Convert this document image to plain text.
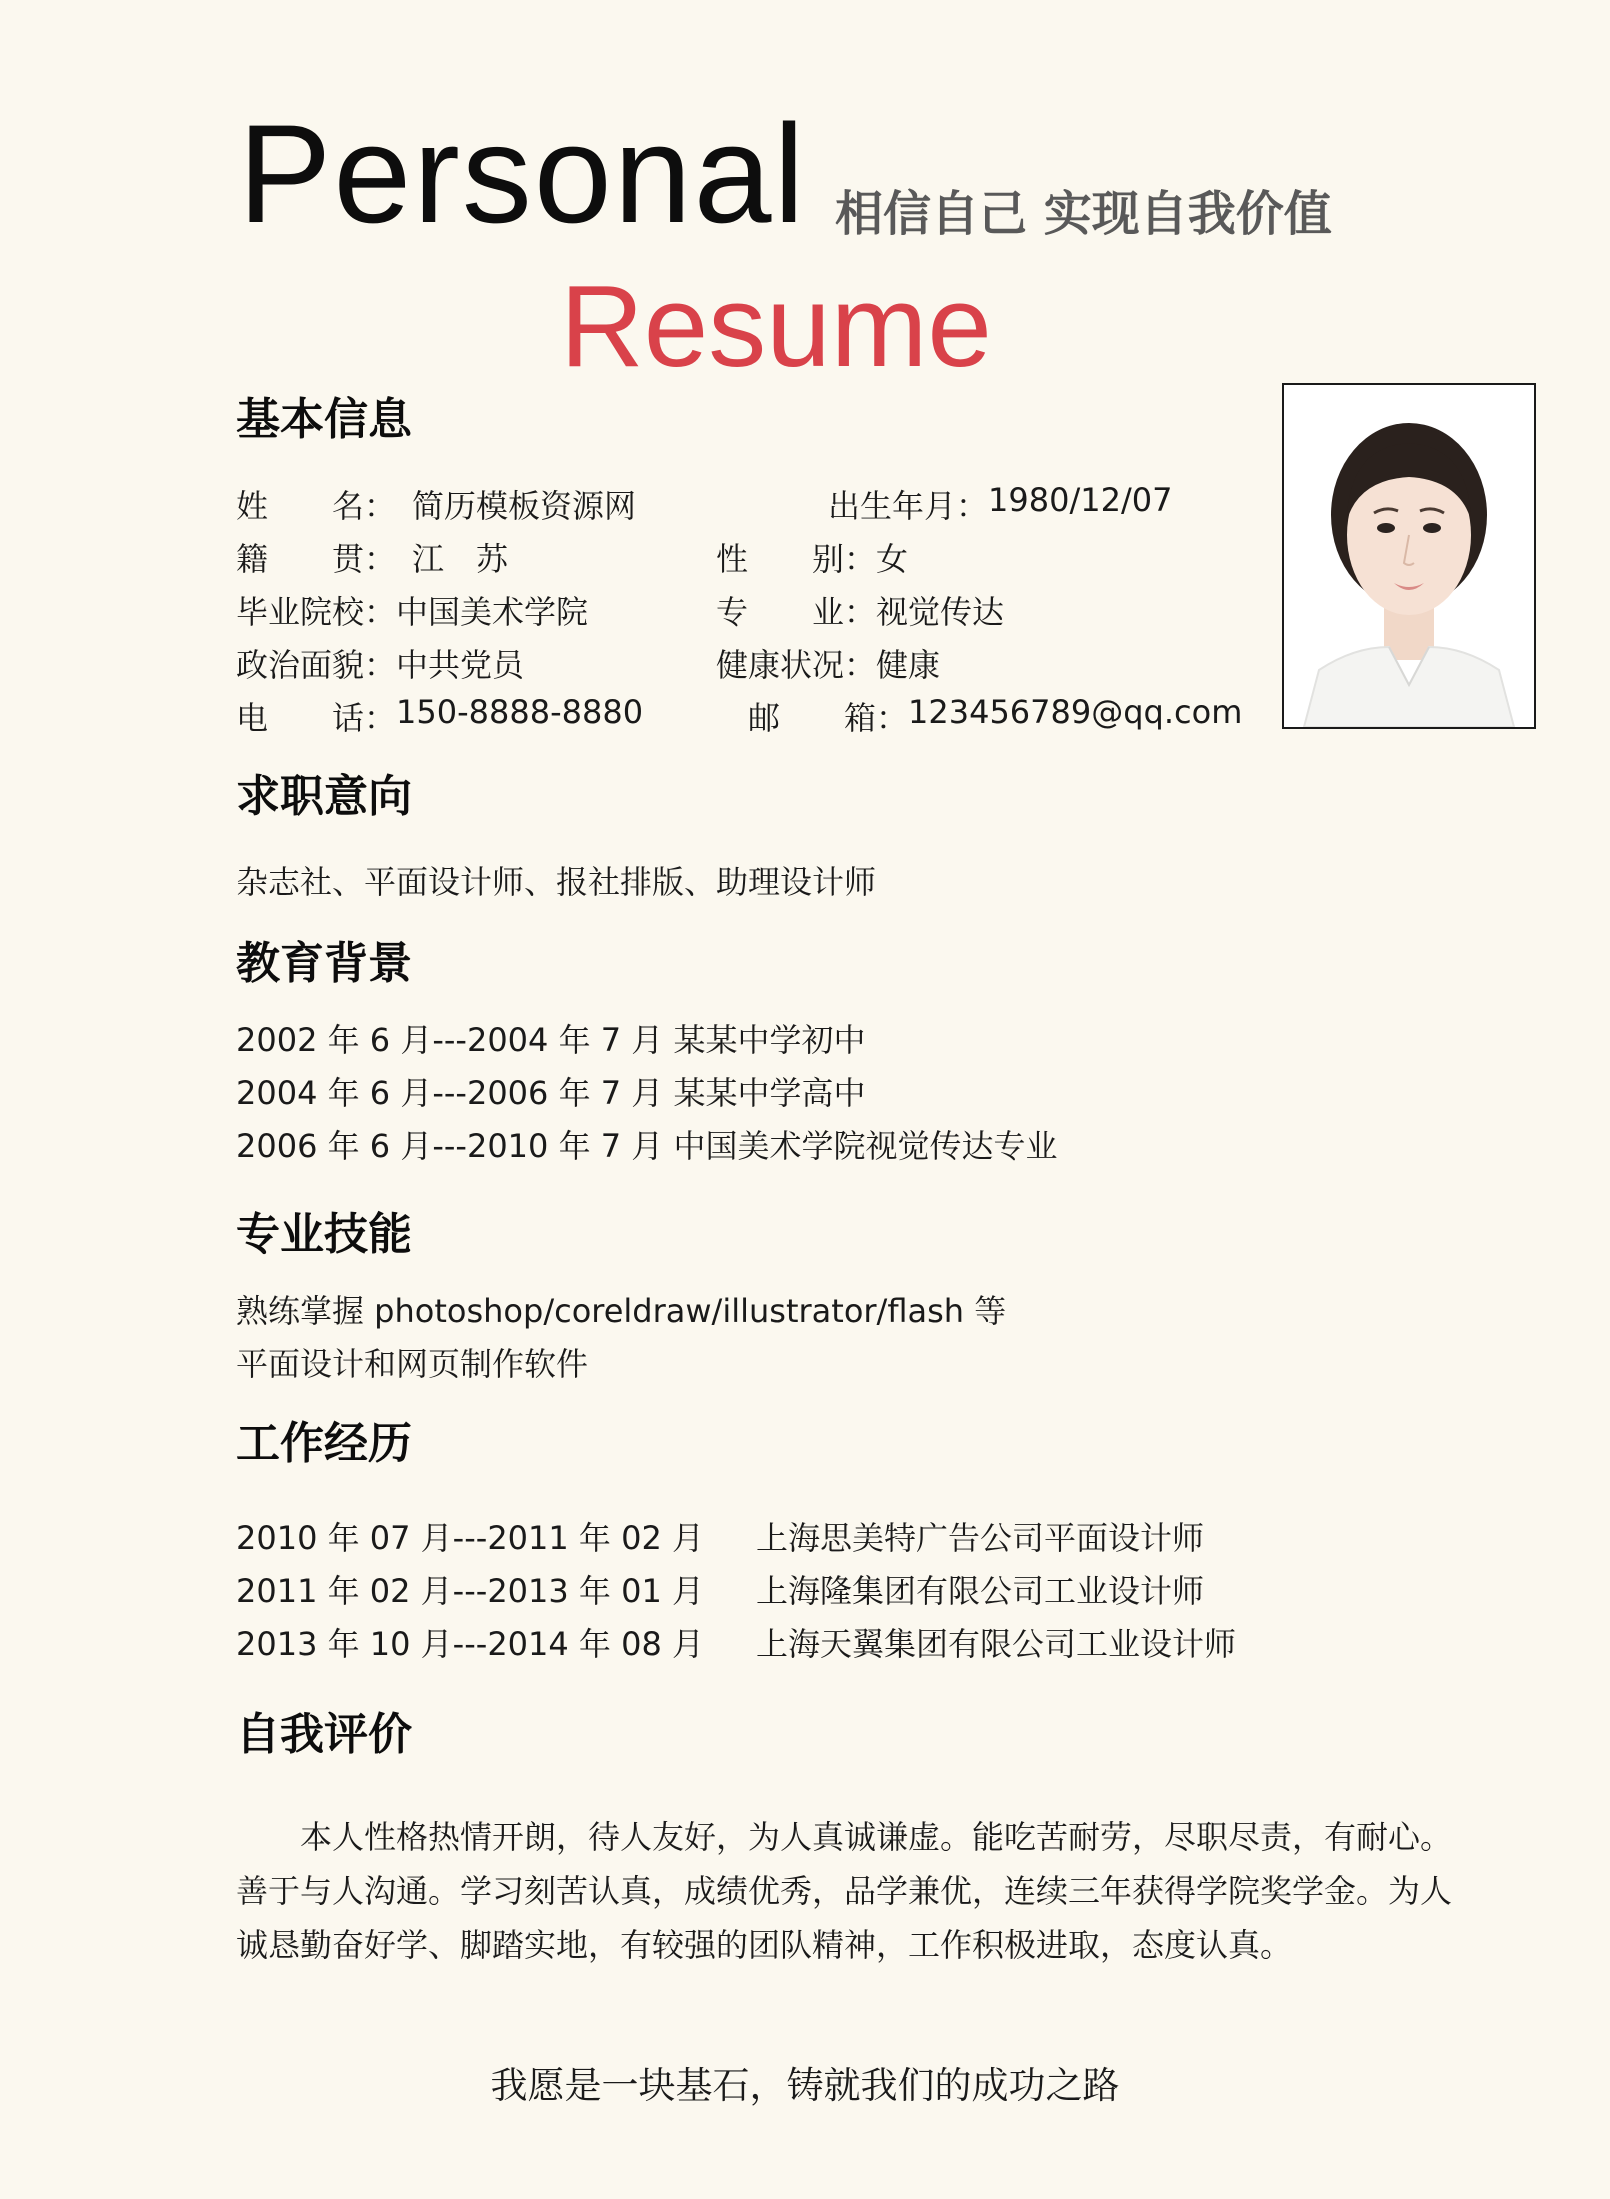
Personal 相信自己 实现自我价值
Resume
基本信息
姓　　名： 简历模板资源网	出生年月： 1980/12/07
籍　　贯： 江　苏	性　　别： 女
毕业院校： 中国美术学院	专　　业： 视觉传达
政治面貌： 中共党员	健康状况： 健康
电　　话： 150-8888-8880	邮　　箱： 123456789@qq.com
求职意向
杂志社、平面设计师、报社排版、助理设计师
教育背景
2002 年 6 月---2004 年 7 月 某某中学初中
2004 年 6 月---2006 年 7 月 某某中学高中
2006 年 6 月---2010 年 7 月 中国美术学院视觉传达专业
专业技能
熟练掌握 photoshop/coreldraw/illustrator/flash 等
平面设计和网页制作软件
工作经历
2010 年 07 月---2011 年 02 月 上海思美特广告公司平面设计师
2011 年 02 月---2013 年 01 月 上海隆集团有限公司工业设计师
2013 年 10 月---2014 年 08 月 上海天翼集团有限公司工业设计师
自我评价
本人性格热情开朗，待人友好，为人真诚谦虚。能吃苦耐劳，尽职尽责，有耐心。善于与人沟通。学习刻苦认真，成绩优秀，品学兼优，连续三年获得学院奖学金。为人诚恳勤奋好学、脚踏实地，有较强的团队精神，工作积极进取，态度认真。
我愿是一块基石，铸就我们的成功之路
